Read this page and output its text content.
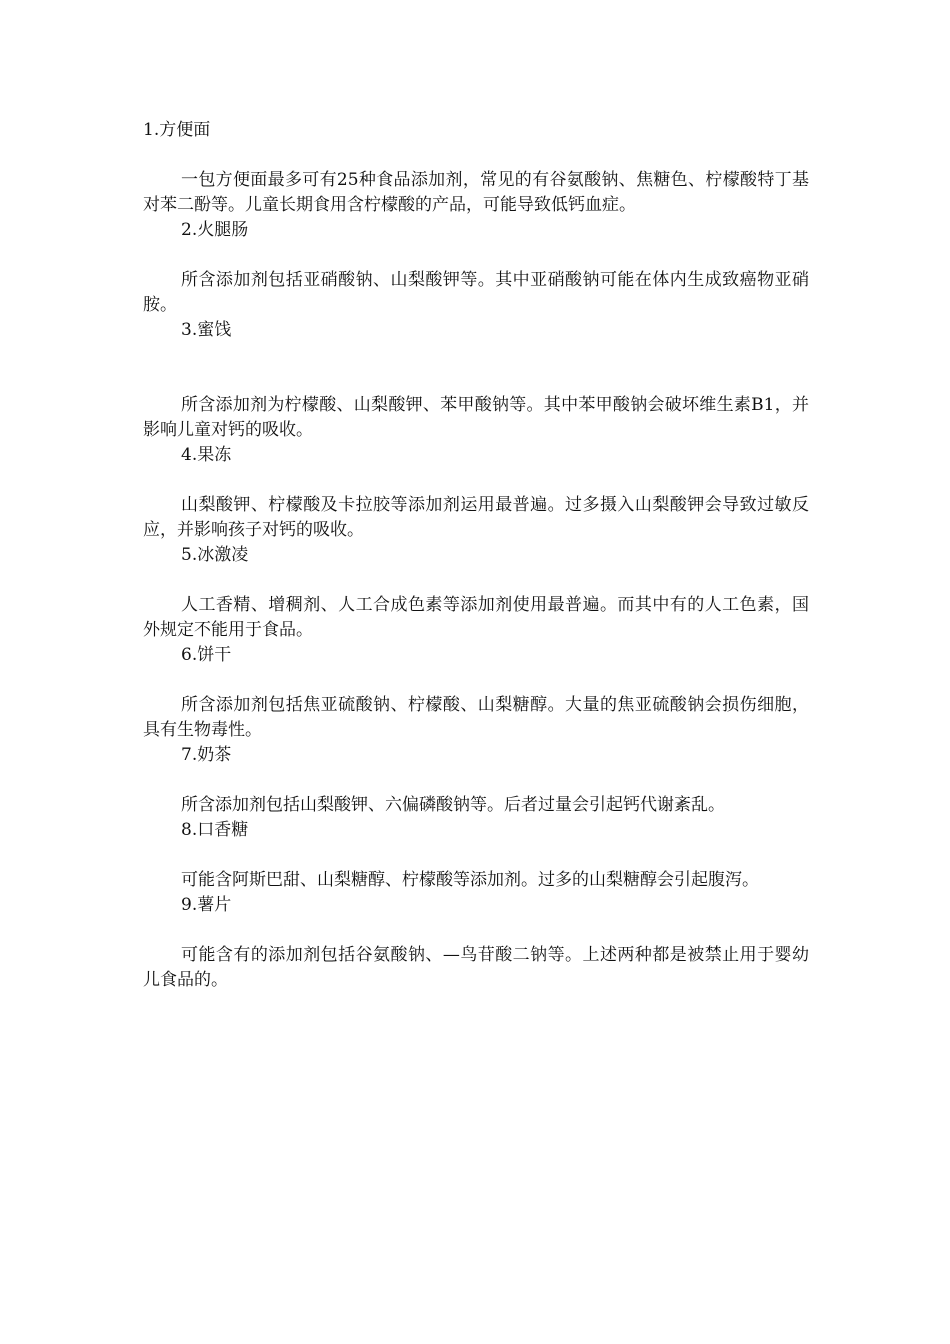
1.方便面

一包方便面最多可有25种食品添加剂，常见的有谷氨酸钠、焦糖色、柠檬酸特丁基对苯二酚等。儿童长期食用含柠檬酸的产品，可能导致低钙血症。

2.火腿肠

所含添加剂包括亚硝酸钠、山梨酸钾等。其中亚硝酸钠可能在体内生成致癌物亚硝胺。

3.蜜饯

所含添加剂为柠檬酸、山梨酸钾、苯甲酸钠等。其中苯甲酸钠会破坏维生素B1，并影响儿童对钙的吸收。

4.果冻

山梨酸钾、柠檬酸及卡拉胶等添加剂运用最普遍。过多摄入山梨酸钾会导致过敏反应，并影响孩子对钙的吸收。

5.冰激凌

人工香精、增稠剂、人工合成色素等添加剂使用最普遍。而其中有的人工色素，国外规定不能用于食品。

6.饼干

所含添加剂包括焦亚硫酸钠、柠檬酸、山梨糖醇。大量的焦亚硫酸钠会损伤细胞，具有生物毒性。

7.奶茶

所含添加剂包括山梨酸钾、六偏磷酸钠等。后者过量会引起钙代谢紊乱。

8.口香糖

可能含阿斯巴甜、山梨糖醇、柠檬酸等添加剂。过多的山梨糖醇会引起腹泻。

9.薯片

可能含有的添加剂包括谷氨酸钠、—鸟苷酸二钠等。上述两种都是被禁止用于婴幼儿食品的。
